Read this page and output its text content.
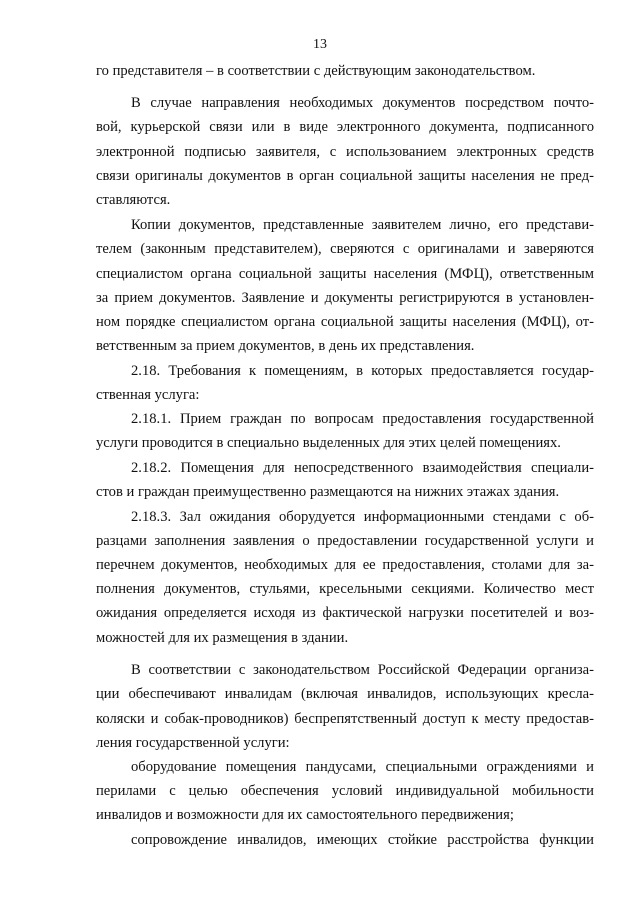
13
го представителя – в соответствии с действующим законодательством.
В случае направления необходимых документов посредством почто-
вой, курьерской связи или в виде электронного документа, подписанного
электронной подписью заявителя, с использованием электронных средств
связи оригиналы документов в орган социальной защиты населения не пред-
ставляются.
Копии документов, представленные заявителем лично, его представи-
телем (законным представителем), сверяются с оригиналами и заверяются
специалистом органа социальной защиты населения (МФЦ), ответственным
за прием документов. Заявление и документы регистрируются в установлен-
ном порядке специалистом органа социальной защиты населения (МФЦ), от-
ветственным за прием документов, в день их представления.
2.18. Требования к помещениям, в которых предоставляется государ-
ственная услуга:
2.18.1. Прием граждан по вопросам предоставления государственной
услуги проводится в специально выделенных для этих целей помещениях.
2.18.2. Помещения для непосредственного взаимодействия специали-
стов и граждан преимущественно размещаются на нижних этажах здания.
2.18.3. Зал ожидания оборудуется информационными стендами с об-
разцами заполнения заявления о предоставлении государственной услуги и
перечнем документов, необходимых для ее предоставления, столами для за-
полнения документов, стульями, кресельными секциями. Количество мест
ожидания определяется исходя из фактической нагрузки посетителей и воз-
можностей для их размещения в здании.
В соответствии с законодательством Российской Федерации организа-
ции обеспечивают инвалидам (включая инвалидов, использующих кресла-
коляски и собак-проводников) беспрепятственный доступ к месту предостав-
ления государственной услуги:
оборудование помещения пандусами, специальными ограждениями и
перилами с целью обеспечения условий индивидуальной мобильности
инвалидов и возможности для их самостоятельного передвижения;
сопровождение инвалидов, имеющих стойкие расстройства функции
